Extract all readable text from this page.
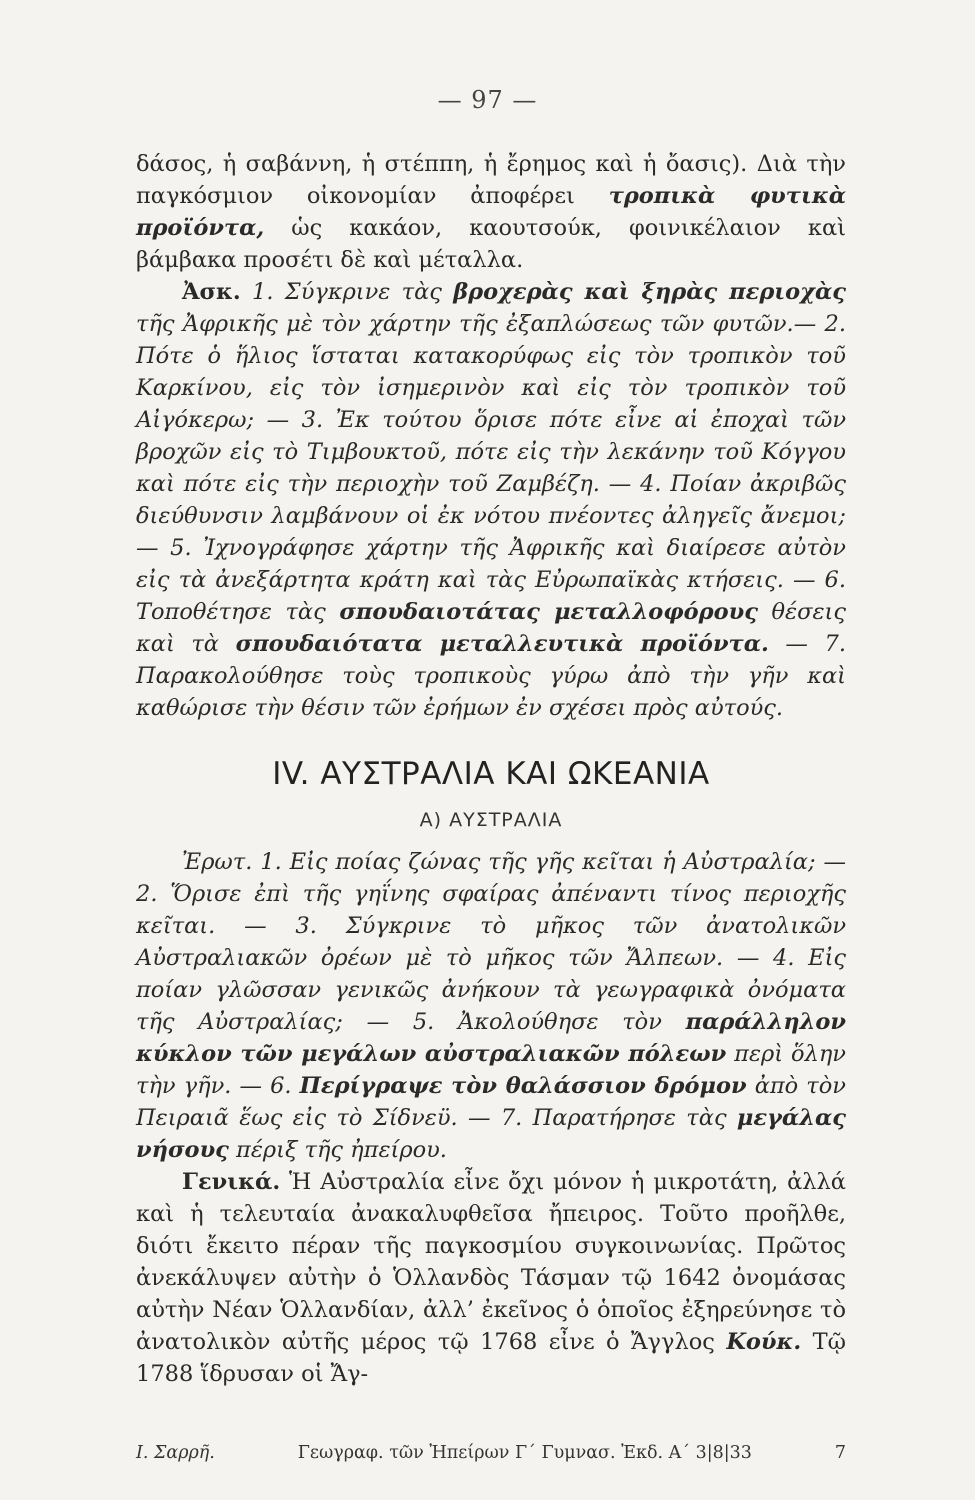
— 97 —

δάσος, ἡ σαβάννη, ἡ στέππη, ἡ ἔρημος καὶ ἡ ὄασις). Διὰ τὴν παγκόσμιον οἰκονομίαν ἀποφέρει τροπικὰ φυτικὰ προϊόντα, ὡς κακάον, καουτσούκ, φοινικέλαιον καὶ βάμβακα προσέτι δὲ καὶ μέταλλα.

Ἀσκ. 1. Σύγκρινε τὰς βροχερὰς καὶ ξηρὰς περιοχὰς τῆς Ἀφρικῆς μὲ τὸν χάρτην τῆς ἐξαπλώσεως τῶν φυτῶν.— 2. Πότε ὁ ἥλιος ἵσταται κατακορύφως εἰς τὸν τροπικὸν τοῦ Καρκίνου, εἰς τὸν ἰσημερινὸν καὶ εἰς τὸν τροπικὸν τοῦ Αἰγόκερω; — 3. Ἐκ τούτου ὅρισε πότε εἶνε αἱ ἐποχαὶ τῶν βροχῶν εἰς τὸ Τιμβουκτοῦ, πότε εἰς τὴν λεκάνην τοῦ Κόγγου καὶ πότε εἰς τὴν περιοχὴν τοῦ Ζαμβέζη. — 4. Ποίαν ἀκριβῶς διεύθυνσιν λαμβάνουν οἱ ἐκ νότου πνέοντες ἀληγεῖς ἄνεμοι; — 5. Ἰχνογράφησε χάρτην τῆς Ἀφρικῆς καὶ διαίρεσε αὐτὸν εἰς τὰ ἀνεξάρτητα κράτη καὶ τὰς Εὐρωπαϊκὰς κτήσεις. — 6. Τοποθέτησε τὰς σπουδαιοτάτας μεταλλοφόρους θέσεις καὶ τὰ σπουδαιότατα μεταλλευτικὰ προϊόντα. — 7. Παρακολούθησε τοὺς τροπικοὺς γύρω ἀπὸ τὴν γῆν καὶ καθώρισε τὴν θέσιν τῶν ἐρήμων ἐν σχέσει πρὸς αὐτούς.

IV. ΑΥΣΤΡΑΛΙΑ ΚΑΙ ΩΚΕΑΝΙΑ
Α) ΑΥΣΤΡΑΛΙΑ

Ἐρωτ. 1. Εἰς ποίας ζώνας τῆς γῆς κεῖται ἡ Αὐστραλία; — 2. Ὅρισε ἐπὶ τῆς γηΐνης σφαίρας ἀπέναντι τίνος περιοχῆς κεῖται. — 3. Σύγκρινε τὸ μῆκος τῶν ἀνατολικῶν Αὐστραλιακῶν ὀρέων μὲ τὸ μῆκος τῶν Ἄλπεων. — 4. Εἰς ποίαν γλῶσσαν γενικῶς ἀνήκουν τὰ γεωγραφικὰ ὀνόματα τῆς Αὐστραλίας; — 5. Ἀκολούθησε τὸν παράλληλον κύκλον τῶν μεγάλων αὐστραλιακῶν πόλεων περὶ ὅλην τὴν γῆν. — 6. Περίγραψε τὸν θαλάσσιον δρόμον ἀπὸ τὸν Πειραιᾶ ἕως εἰς τὸ Σίδνεϋ. — 7. Παρατήρησε τὰς μεγάλας νήσους πέριξ τῆς ἠπείρου.

Γενικά. Ἡ Αὐστραλία εἶνε ὄχι μόνον ἡ μικροτάτη, ἀλλά καὶ ἡ τελευταία ἀνακαλυφθεῖσα ἤπειρος. Τοῦτο προῆλθε, διότι ἔκειτο πέραν τῆς παγκοσμίου συγκοινωνίας. Πρῶτος ἀνεκάλυψεν αὐτὴν ὁ Ὁλλανδὸς Τάσμαν τῷ 1642 ὀνομάσας αὐτὴν Νέαν Ὁλλανδίαν, ἀλλ’ ἐκεῖνος ὁ ὁποῖος ἐξηρεύνησε τὸ ἀνατολικὸν αὐτῆς μέρος τῷ 1768 εἶνε ὁ Ἄγγλος Κούκ. Τῷ 1788 ἵδρυσαν οἱ Ἄγ-

Ι. Σαρρῆ.	Γεωγραφ. τῶν Ἠπείρων Γ΄ Γυμνασ. Ἐκδ. Α΄ 3|8|33	7
